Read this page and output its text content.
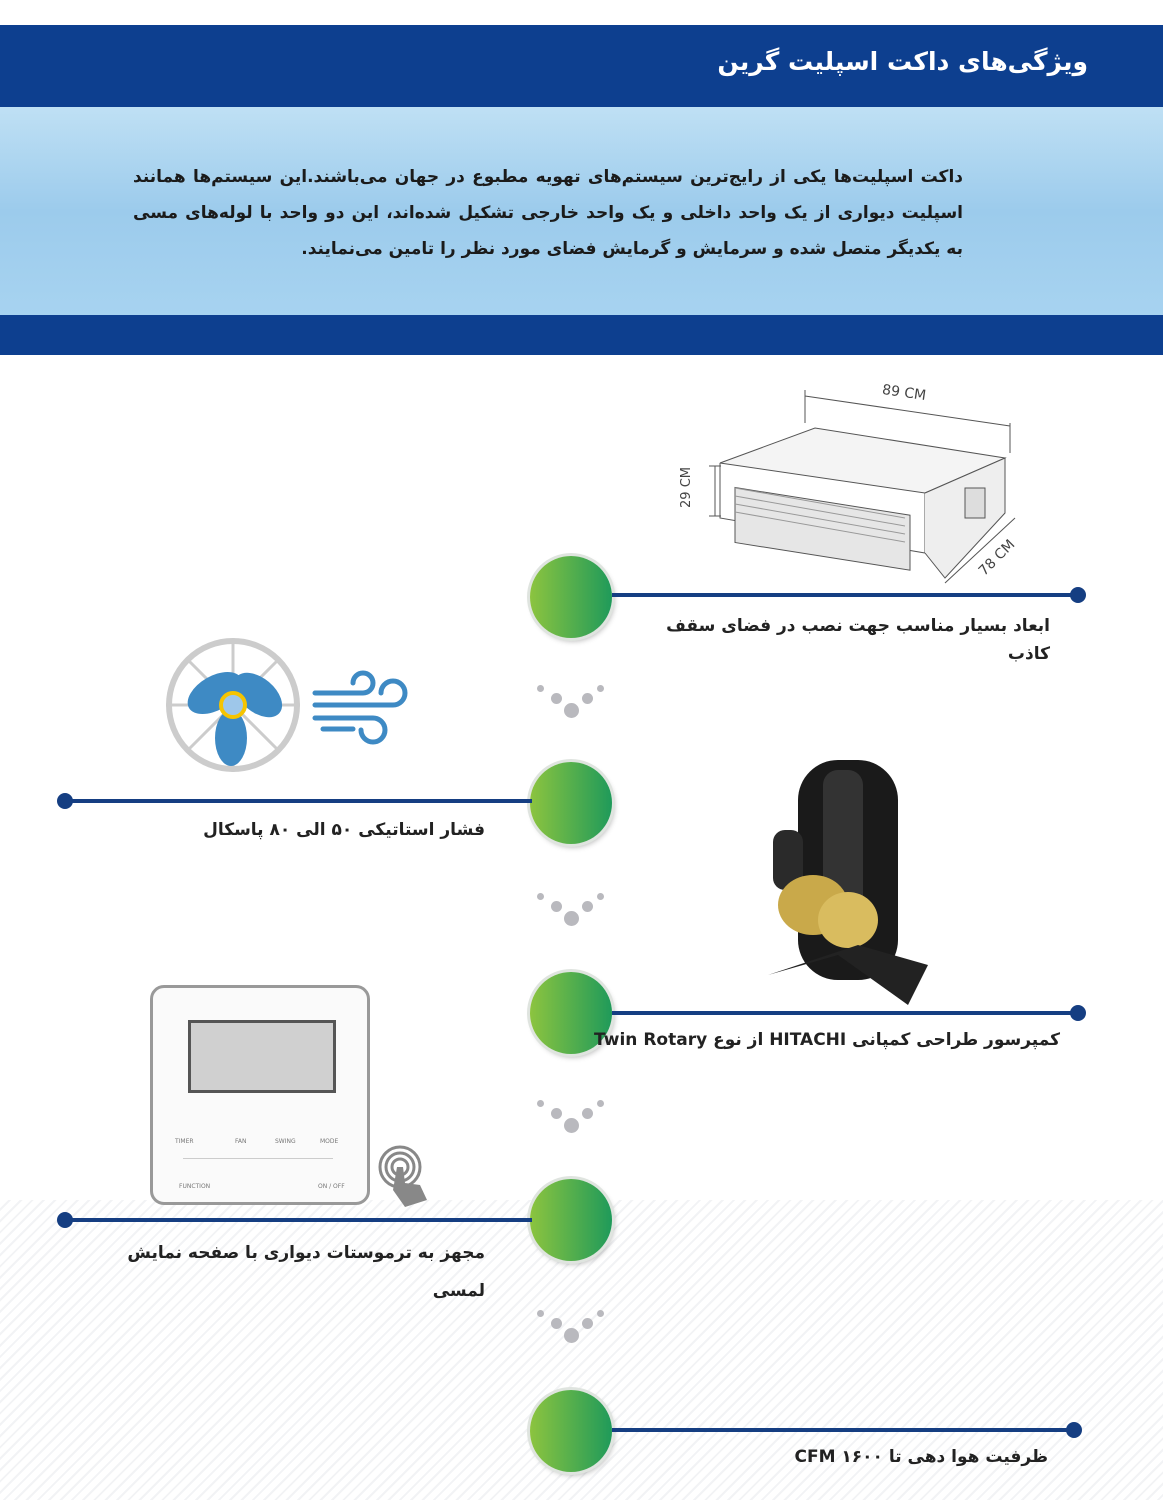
ویژگی‌های داکت اسپلیت گرین

داکت اسپلیت‌ها یکی از رایج‌ترین سیستم‌های تهویه مطبوع در جهان می‌باشند.این سیستم‌ها همانند اسپلیت دیواری از یک واحد داخلی و یک واحد خارجی تشکیل شده‌اند، این دو واحد با لوله‌های مسی به یکدیگر متصل شده و سرمایش و گرمایش فضای مورد نظر را تامین می‌نمایند.

89 CM
29 CM
78 CM
TIMER	FAN	SWING	MODE
FUNCTION	ON / OFF
ابعاد بسیار مناسب جهت نصب در فضای سقف کاذب
فشار استاتیکی ۵۰ الی ۸۰ پاسکال
کمپرسور طراحی کمپانی HITACHI از نوع Twin Rotary
مجهز به ترموستات دیواری با صفحه نمایش لمسی
ظرفیت هوا دهی تا CFM ۱۶۰۰
